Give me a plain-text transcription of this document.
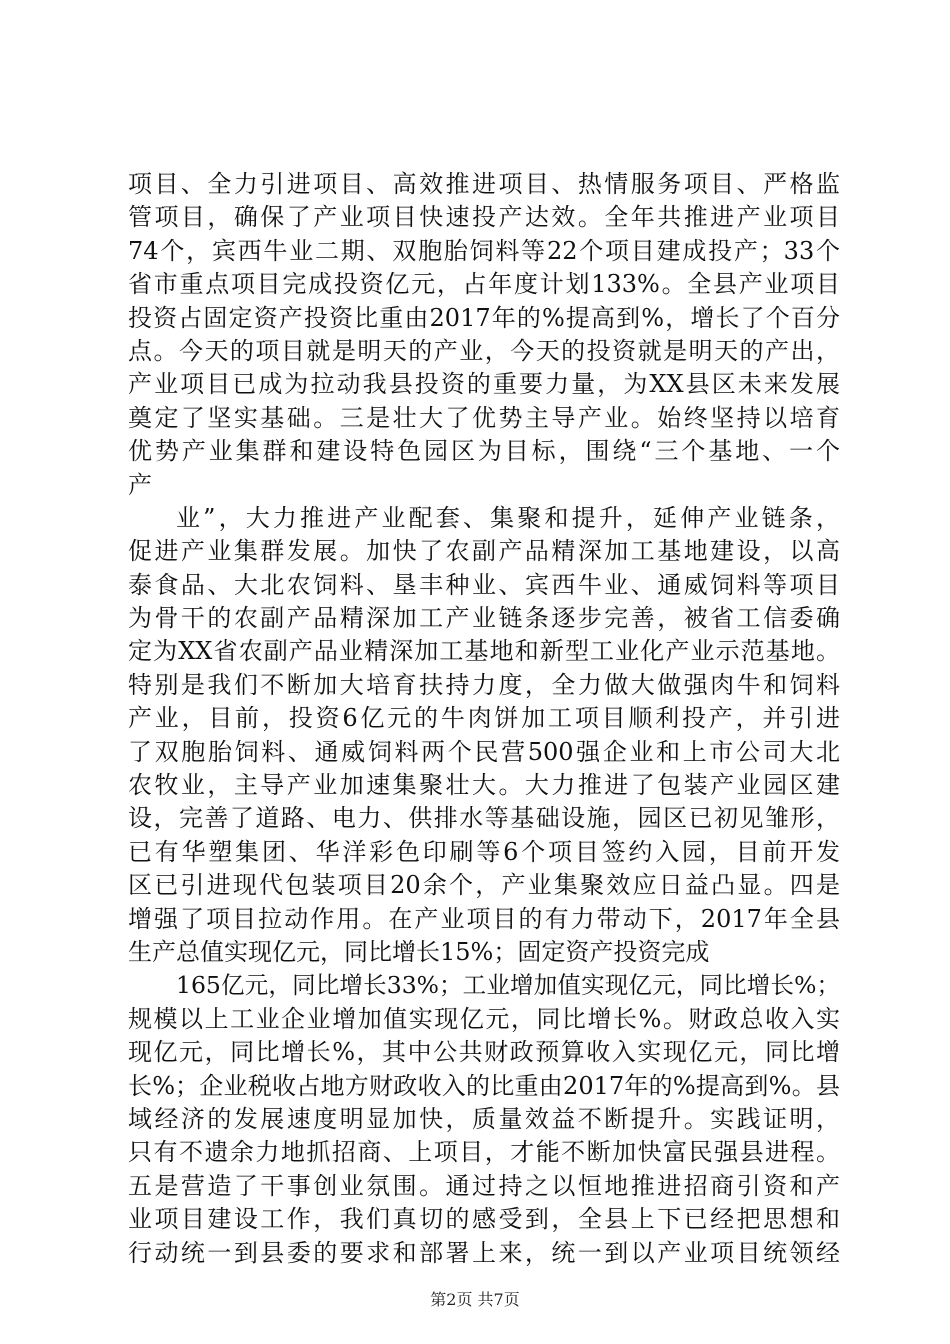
项目、全力引进项目、高效推进项目、热情服务项目、严格监
管项目，确保了产业项目快速投产达效。全年共推进产业项目
74个，宾西牛业二期、双胞胎饲料等22个项目建成投产；33个
省市重点项目完成投资亿元，占年度计划133%。全县产业项目
投资占固定资产投资比重由2017年的%提高到%，增长了个百分
点。今天的项目就是明天的产业，今天的投资就是明天的产出，
产业项目已成为拉动我县投资的重要力量，为XX县区未来发展
奠定了坚实基础。三是壮大了优势主导产业。始终坚持以培育
优势产业集群和建设特色园区为目标，围绕“三个基地、一个
产
业”，大力推进产业配套、集聚和提升，延伸产业链条，
促进产业集群发展。加快了农副产品精深加工基地建设，以高
泰食品、大北农饲料、垦丰种业、宾西牛业、通威饲料等项目
为骨干的农副产品精深加工产业链条逐步完善，被省工信委确
定为XX省农副产品业精深加工基地和新型工业化产业示范基地。
特别是我们不断加大培育扶持力度，全力做大做强肉牛和饲料
产业，目前，投资6亿元的牛肉饼加工项目顺利投产，并引进
了双胞胎饲料、通威饲料两个民营500强企业和上市公司大北
农牧业，主导产业加速集聚壮大。大力推进了包装产业园区建
设，完善了道路、电力、供排水等基础设施，园区已初见雏形，
已有华塑集团、华洋彩色印刷等6个项目签约入园，目前开发
区已引进现代包装项目20余个，产业集聚效应日益凸显。四是
增强了项目拉动作用。在产业项目的有力带动下，2017年全县
生产总值实现亿元，同比增长15%；固定资产投资完成
165亿元，同比增长33%；工业增加值实现亿元，同比增长%；
规模以上工业企业增加值实现亿元，同比增长%。财政总收入实
现亿元，同比增长%，其中公共财政预算收入实现亿元，同比增
长%；企业税收占地方财政收入的比重由2017年的%提高到%。县
域经济的发展速度明显加快，质量效益不断提升。实践证明，
只有不遗余力地抓招商、上项目，才能不断加快富民强县进程。
五是营造了干事创业氛围。通过持之以恒地推进招商引资和产
业项目建设工作，我们真切的感受到，全县上下已经把思想和
行动统一到县委的要求和部署上来，统一到以产业项目统领经
第2页 共7页
